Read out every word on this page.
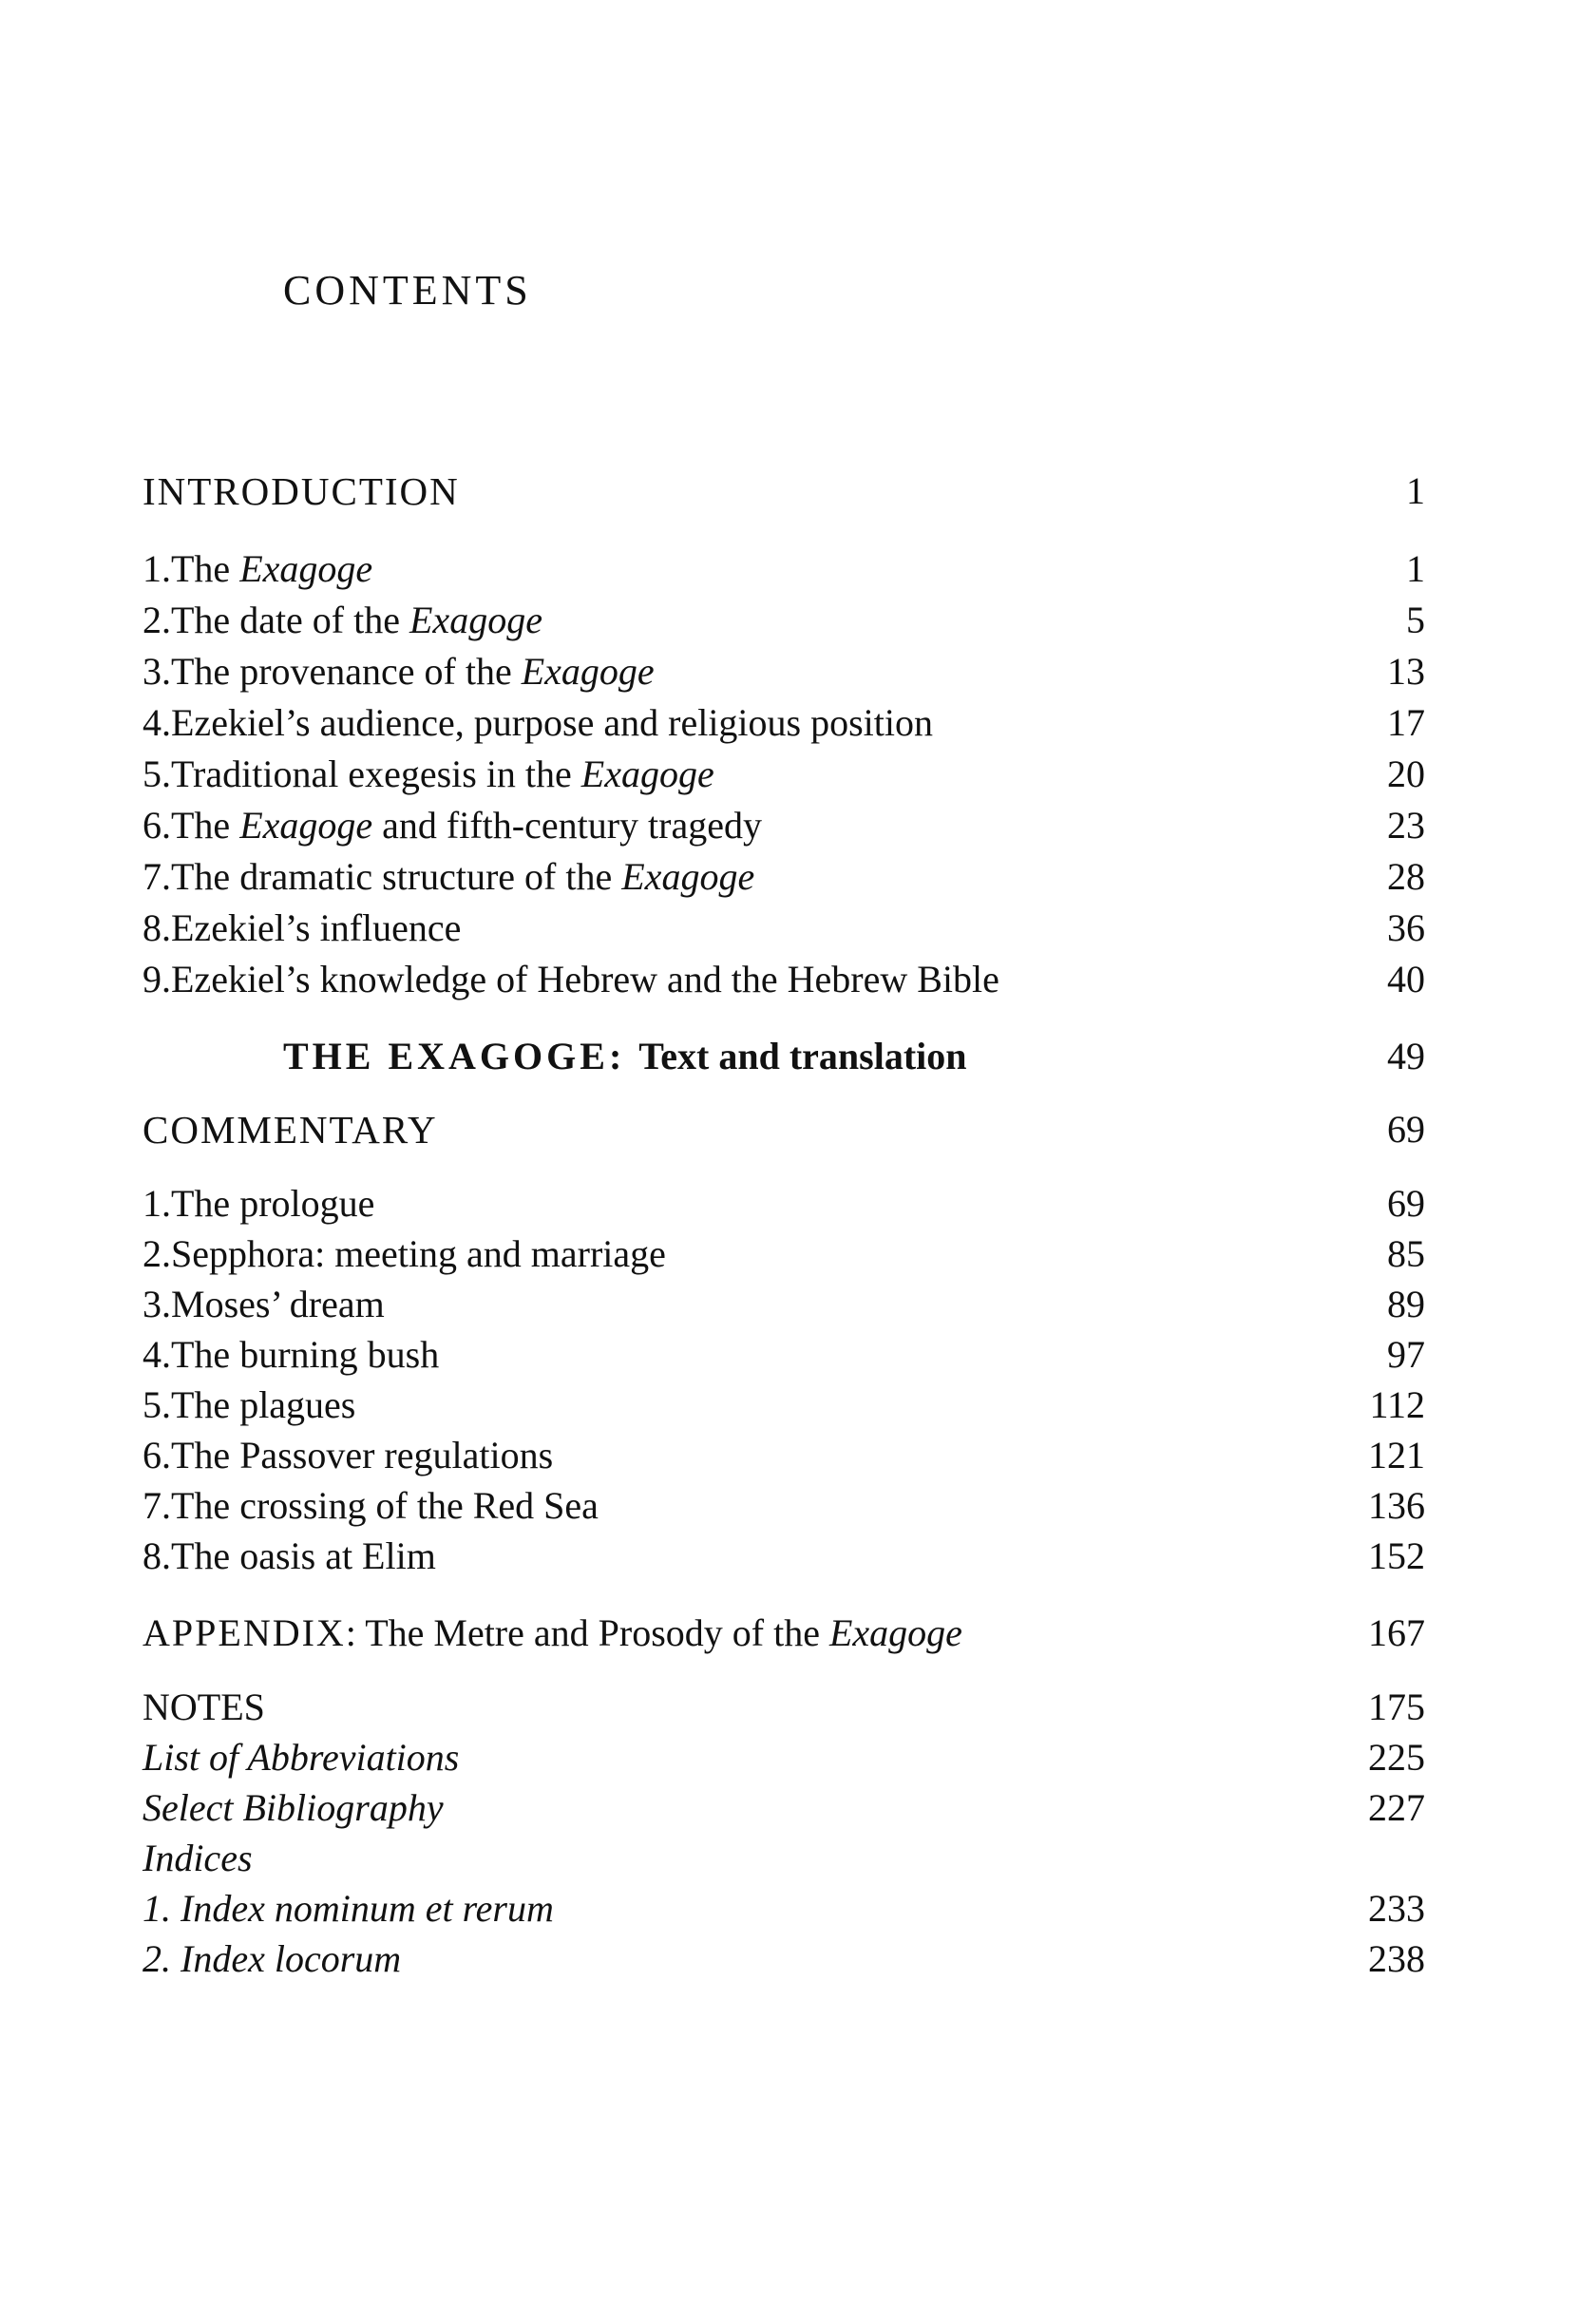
CONTENTS
INTRODUCTION	1
1.The Exagoge	1
2.The date of the Exagoge	5
3.The provenance of the Exagoge	13
4.Ezekiel’s audience, purpose and religious position	17
5.Traditional exegesis in the Exagoge	20
6.The Exagoge and fifth-century tragedy	23
7.The dramatic structure of the Exagoge	28
8.Ezekiel’s influence	36
9.Ezekiel’s knowledge of Hebrew and the Hebrew Bible	40
THE EXAGOGE: Text and translation	49
COMMENTARY	69
1.The prologue	69
2.Sepphora: meeting and marriage	85
3.Moses’ dream	89
4.The burning bush	97
5.The plagues	112
6.The Passover regulations	121
7.The crossing of the Red Sea	136
8.The oasis at Elim	152
APPENDIX: The Metre and Prosody of the Exagoge	167
NOTES	175
List of Abbreviations	225
Select Bibliography	227
Indices
1. Index nominum et rerum	233
2. Index locorum	238
